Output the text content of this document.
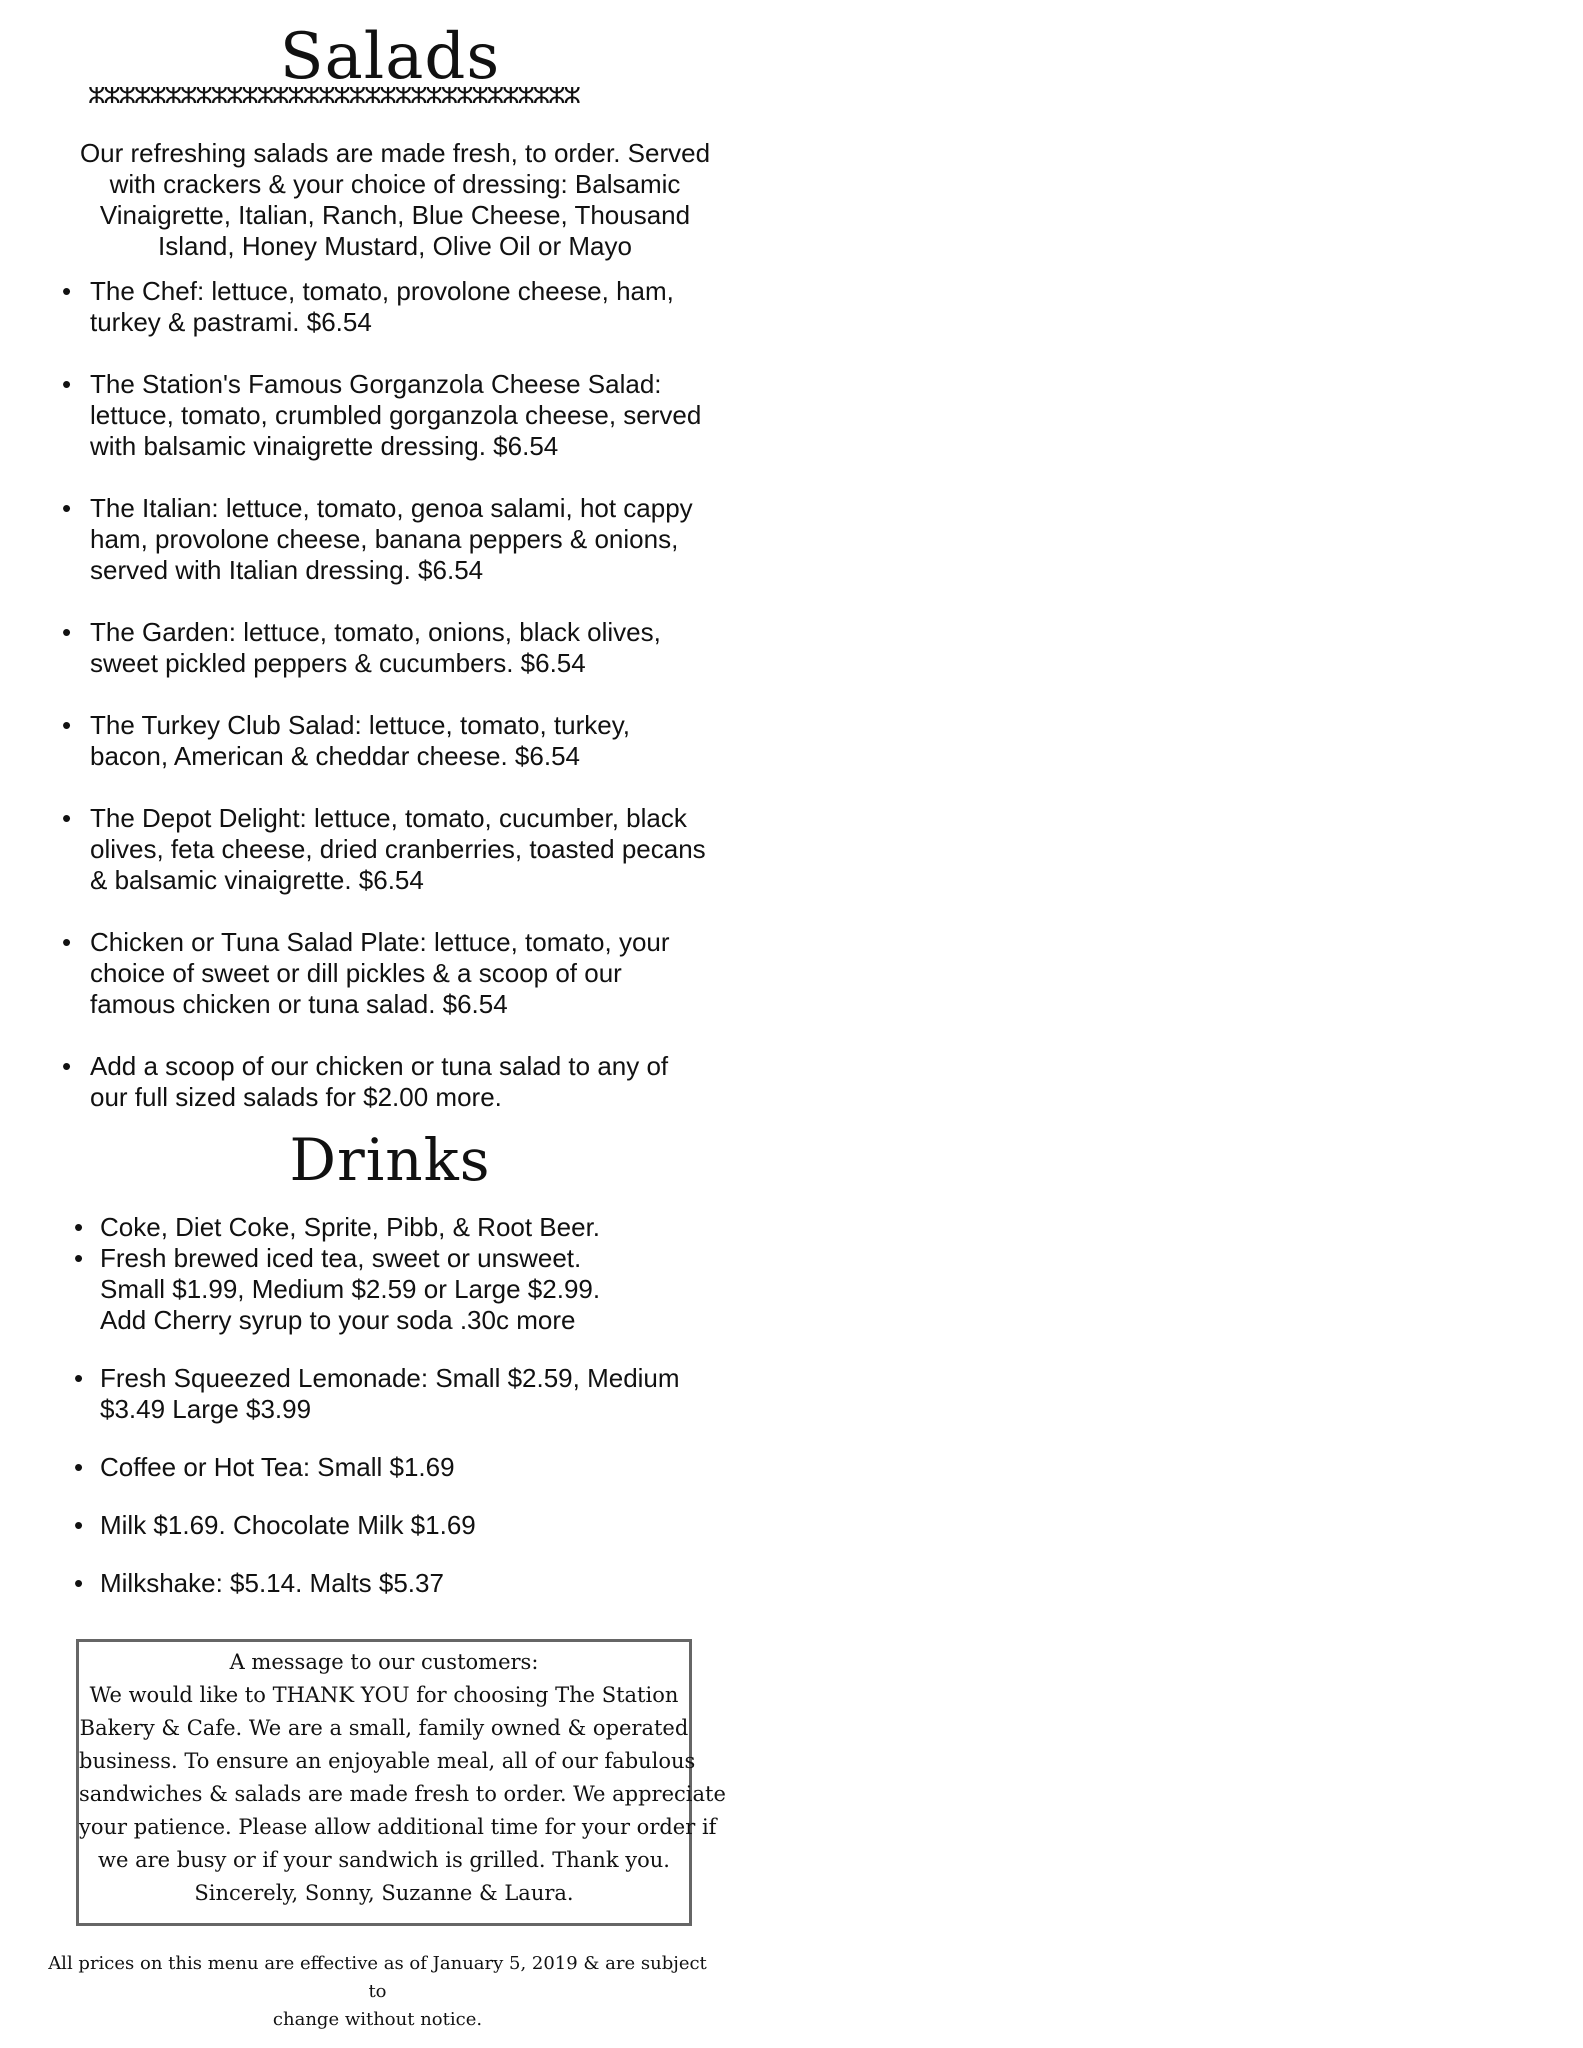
Salads
ⵣⵣⵣⵣⵣⵣⵣⵣⵣⵣⵣⵣⵣⵣⵣⵣⵣⵣⵣⵣⵣⵣⵣⵣⵣⵣⵣⵣⵣⵣⵣⵣ
Our refreshing salads are made fresh, to order. Served
with crackers & your choice of dressing: Balsamic
Vinaigrette, Italian, Ranch, Blue Cheese, Thousand
Island, Honey Mustard, Olive Oil or Mayo
• The Chef: lettuce, tomato, provolone cheese, ham,
turkey & pastrami. $6.54
• The Station's Famous Gorganzola Cheese Salad:
lettuce, tomato, crumbled gorganzola cheese, served
with balsamic vinaigrette dressing. $6.54
• The Italian: lettuce, tomato, genoa salami, hot cappy
ham, provolone cheese, banana peppers & onions,
served with Italian dressing. $6.54
• The Garden: lettuce, tomato, onions, black olives,
sweet pickled peppers & cucumbers. $6.54
• The Turkey Club Salad: lettuce, tomato, turkey,
bacon, American & cheddar cheese. $6.54
• The Depot Delight: lettuce, tomato, cucumber, black
olives, feta cheese, dried cranberries, toasted pecans
& balsamic vinaigrette. $6.54
• Chicken or Tuna Salad Plate: lettuce, tomato, your
choice of sweet or dill pickles & a scoop of our
famous chicken or tuna salad. $6.54
• Add a scoop of our chicken or tuna salad to any of
our full sized salads for $2.00 more.
Drinks
• Coke, Diet Coke, Sprite, Pibb, & Root Beer.
• Fresh brewed iced tea, sweet or unsweet.
Small $1.99, Medium $2.59 or Large $2.99.
Add Cherry syrup to your soda .30c more
• Fresh Squeezed Lemonade: Small $2.59, Medium
$3.49 Large $3.99
• Coffee or Hot Tea: Small $1.69
• Milk $1.69. Chocolate Milk $1.69
• Milkshake: $5.14. Malts $5.37
A message to our customers:
We would like to THANK YOU for choosing The Station
Bakery & Cafe. We are a small, family owned & operated
business. To ensure an enjoyable meal, all of our fabulous
sandwiches & salads are made fresh to order. We appreciate
your patience. Please allow additional time for your order if
we are busy or if your sandwich is grilled. Thank you.
Sincerely, Sonny, Suzanne & Laura.
All prices on this menu are effective as of January 5, 2019 & are subject to
change without notice.
